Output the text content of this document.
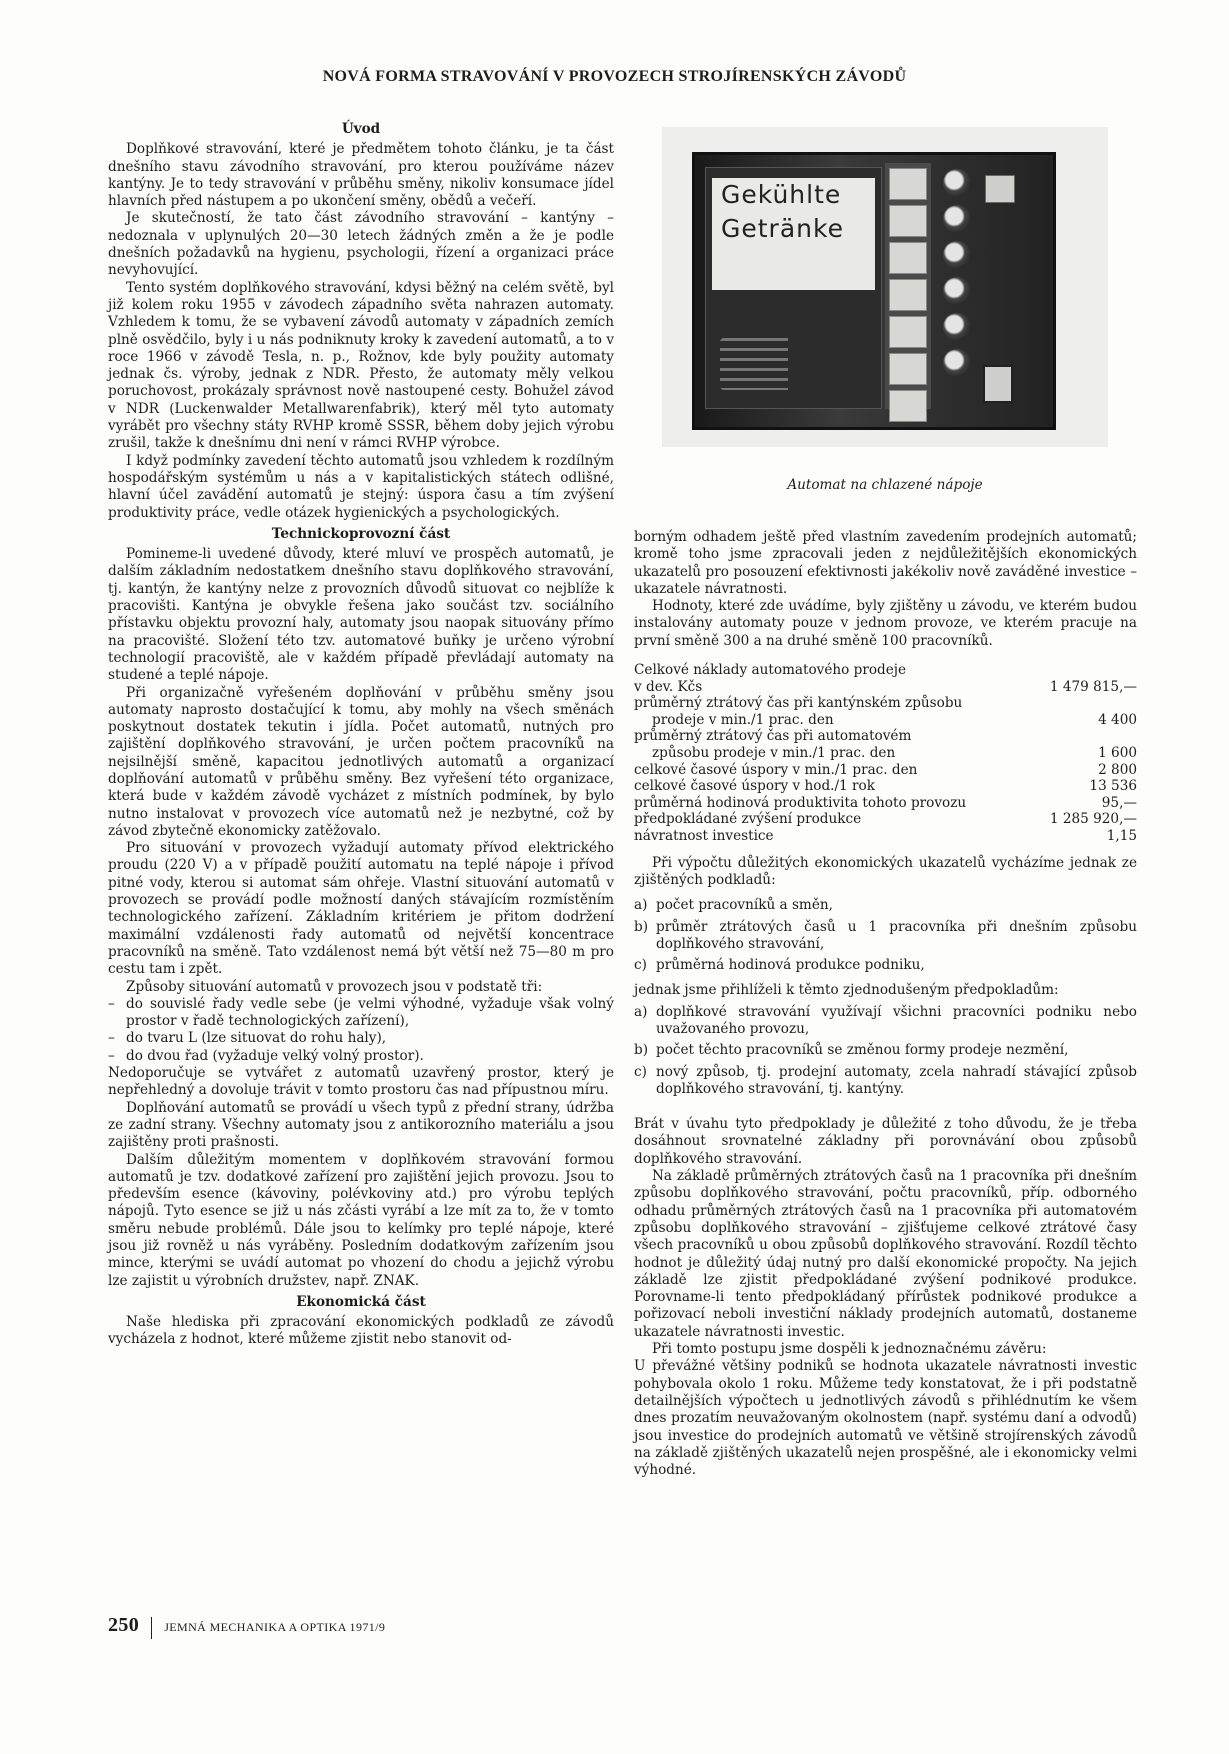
NOVÁ FORMA STRAVOVÁNÍ V PROVOZECH STROJÍRENSKÝCH ZÁVODŮ
Úvod

Doplňkové stravování, které je předmětem tohoto článku, je ta část dnešního stavu závodního stravování, pro kterou používáme název kantýny. Je to tedy stravování v průběhu směny, nikoliv konsumace jídel hlavních před nástupem a po ukončení směny, obědů a večeří.

Je skutečností, že tato část závodního stravování – kantýny – nedoznala v uplynulých 20—30 letech žádných změn a že je podle dnešních požadavků na hygienu, psychologii, řízení a organizaci práce nevyhovující.

Tento systém doplňkového stravování, kdysi běžný na celém světě, byl již kolem roku 1955 v závodech západního světa nahrazen automaty. Vzhledem k tomu, že se vybavení závodů automaty v západních zemích plně osvědčilo, byly i u nás podniknuty kroky k zavedení automatů, a to v roce 1966 v závodě Tesla, n. p., Rožnov, kde byly použity automaty jednak čs. výroby, jednak z NDR. Přesto, že automaty měly velkou poruchovost, prokázaly správnost nově nastoupené cesty. Bohužel závod v NDR (Luckenwalder Metallwarenfabrik), který měl tyto automaty vyrábět pro všechny státy RVHP kromě SSSR, během doby jejich výrobu zrušil, takže k dnešnímu dni není v rámci RVHP výrobce.

I když podmínky zavedení těchto automatů jsou vzhledem k rozdílným hospodářským systémům u nás a v kapitalistických státech odlišné, hlavní účel zavádění automatů je stejný: úspora času a tím zvýšení produktivity práce, vedle otázek hygienických a psychologických.

Technickoprovozní část

Pomineme-li uvedené důvody, které mluví ve prospěch automatů, je dalším základním nedostatkem dnešního stavu doplňkového stravování, tj. kantýn, že kantýny nelze z provozních důvodů situovat co nejblíže k pracovišti. Kantýna je obvykle řešena jako součást tzv. sociálního přístavku objektu provozní haly, automaty jsou naopak situovány přímo na pracovišté. Složení této tzv. automatové buňky je určeno výrobní technologií pracoviště, ale v každém případě převládají automaty na studené a teplé nápoje.

Při organizačně vyřešeném doplňování v průběhu směny jsou automaty naprosto dostačující k tomu, aby mohly na všech směnách poskytnout dostatek tekutin i jídla. Počet automatů, nutných pro zajištění doplňkového stravování, je určen počtem pracovníků na nejsilnější směně, kapacitou jednotlivých automatů a organizací doplňování automatů v průběhu směny. Bez vyřešení této organizace, která bude v každém závodě vycházet z místních podmínek, by bylo nutno instalovat v provozech více automatů než je nezbytné, což by závod zbytečně ekonomicky zatěžovalo.

Pro situování v provozech vyžadují automaty přívod elektrického proudu (220 V) a v případě použití automatu na teplé nápoje i přívod pitné vody, kterou si automat sám ohřeje. Vlastní situování automatů v provozech se provádí podle možností daných stávajícím rozmístěním technologického zařízení. Základním kritériem je přitom dodržení maximální vzdálenosti řady automatů od největší koncentrace pracovníků na směně. Tato vzdálenost nemá být větší než 75—80 m pro cestu tam i zpět.

Způsoby situování automatů v provozech jsou v podstatě tři:

– do souvislé řady vedle sebe (je velmi výhodné, vyžaduje však volný prostor v řadě technologických zařízení),

– do tvaru L (lze situovat do rohu haly),

– do dvou řad (vyžaduje velký volný prostor).

Nedoporučuje se vytvářet z automatů uzavřený prostor, který je nepřehledný a dovoluje trávit v tomto prostoru čas nad přípustnou míru.

Doplňování automatů se provádí u všech typů z přední strany, údržba ze zadní strany. Všechny automaty jsou z antikorozního materiálu a jsou zajištěny proti prašnosti.

Dalším důležitým momentem v doplňkovém stravování formou automatů je tzv. dodatkové zařízení pro zajištění jejich provozu. Jsou to především esence (kávoviny, polévkoviny atd.) pro výrobu teplých nápojů. Tyto esence se již u nás zčásti vyrábí a lze mít za to, že v tomto směru nebude problémů. Dále jsou to kelímky pro teplé nápoje, které jsou již rovněž u nás vyráběny. Posledním dodatkovým zařízením jsou mince, kterými se uvádí automat po vhození do chodu a jejichž výrobu lze zajistit u výrobních družstev, např. ZNAK.

Ekonomická část

Naše hlediska při zpracování ekonomických podkladů ze závodů vycházela z hodnot, které můžeme zjistit nebo stanovit od-

Gekühlte
Getränke
Automat na chlazené nápoje

borným odhadem ještě před vlastním zavedením prodejních automatů; kromě toho jsme zpracovali jeden z nejdůležitějších ekonomických ukazatelů pro posouzení efektivnosti jakékoliv nově zaváděné investice – ukazatele návratnosti.

Hodnoty, které zde uvádíme, byly zjištěny u závodu, ve kterém budou instalovány automaty pouze v jednom provoze, ve kterém pracuje na první směně 300 a na druhé směně 100 pracovníků.

Celkové náklady automatového prodeje	
v dev. Kčs	1 479 815,—
průměrný ztrátový čas při kantýnském způsobu	
prodeje v min./1 prac. den	4 400
průměrný ztrátový čas při automatovém	
způsobu prodeje v min./1 prac. den	1 600
celkové časové úspory v min./1 prac. den	2 800
celkové časové úspory v hod./1 rok	13 536
průměrná hodinová produktivita tohoto provozu	95,—
předpokládané zvýšení produkce	1 285 920,—
návratnost investice	1,15

Při výpočtu důležitých ekonomických ukazatelů vycházíme jednak ze zjištěných podkladů:

a) počet pracovníků a směn,

b) průměr ztrátových časů u 1 pracovníka při dnešním způsobu doplňkového stravování,

c) průměrná hodinová produkce podniku,

jednak jsme přihlíželi k těmto zjednodušeným předpokladům:

a) doplňkové stravování využívají všichni pracovníci podniku nebo uvažovaného provozu,

b) počet těchto pracovníků se změnou formy prodeje nezmění,

c) nový způsob, tj. prodejní automaty, zcela nahradí stávající způsob doplňkového stravování, tj. kantýny.

Brát v úvahu tyto předpoklady je důležité z toho důvodu, že je třeba dosáhnout srovnatelné základny při porovnávání obou způsobů doplňkového stravování.

Na základě průměrných ztrátových časů na 1 pracovníka při dnešním způsobu doplňkového stravování, počtu pracovníků, příp. odborného odhadu průměrných ztrátových časů na 1 pracovníka při automatovém způsobu doplňkového stravování – zjišťujeme celkové ztrátové časy všech pracovníků u obou způsobů doplňkového stravování. Rozdíl těchto hodnot je důležitý údaj nutný pro další ekonomické propočty. Na jejich základě lze zjistit předpokládané zvýšení podnikové produkce. Porovname-li tento předpokládaný přírůstek podnikové produkce a pořizovací neboli investiční náklady prodejních automatů, dostaneme ukazatele návratnosti investic.

Při tomto postupu jsme dospěli k jednoznačnému závěru:

U převážné většiny podniků se hodnota ukazatele návratnosti investic pohybovala okolo 1 roku. Můžeme tedy konstatovat, že i při podstatně detailnějších výpočtech u jednotlivých závodů s přihlédnutím ke všem dnes prozatím neuvažovaným okolnostem (např. systému daní a odvodů) jsou investice do prodejních automatů ve většině strojírenských závodů na základě zjištěných ukazatelů nejen prospěšné, ale i ekonomicky velmi výhodné.

250 JEMNÁ MECHANIKA A OPTIKA 1971/9
